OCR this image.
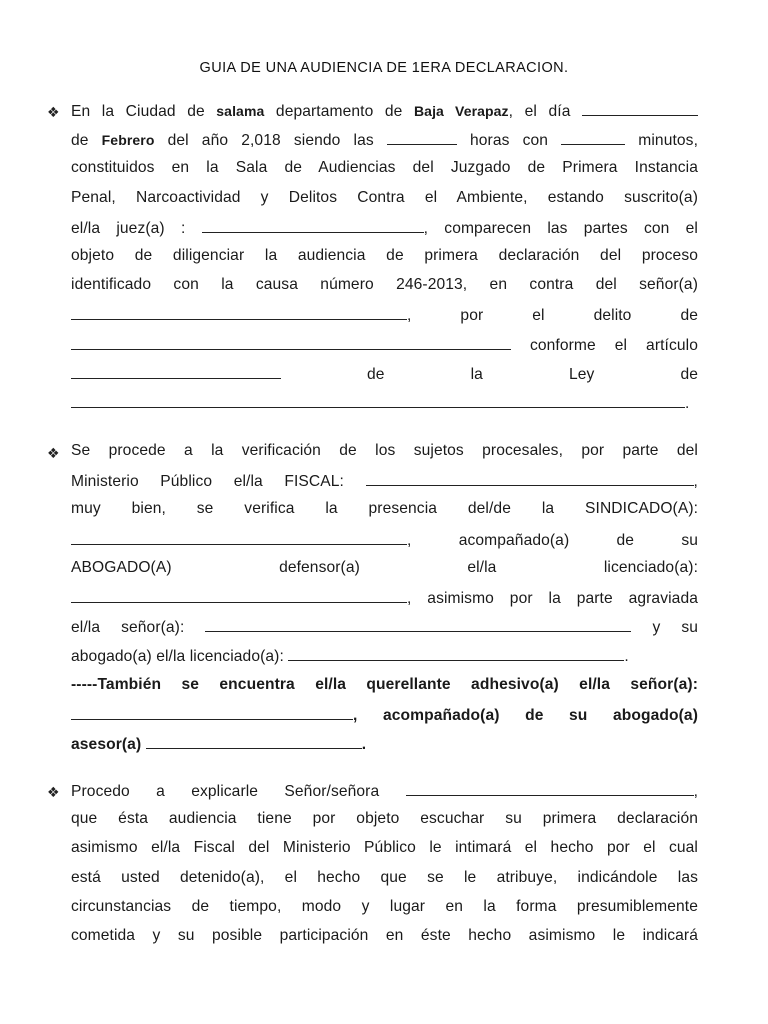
GUIA DE UNA AUDIENCIA DE 1ERA DECLARACION.
❖ En la Ciudad de salama departamento de Baja Verapaz, el día
de Febrero del año 2,018 siendo las	horas con	minutos,
constituidos en la Sala de Audiencias del Juzgado de Primera Instancia
Penal, Narcoactividad y Delitos Contra el Ambiente, estando suscrito(a)
el/la juez(a) :	, comparecen las partes con el
objeto de diligenciar la audiencia de primera declaración del proceso
identificado con la causa número 246-2013, en contra del señor(a)
,	por	el	delito	de
conforme el artículo
de	la	Ley	de
.
❖ Se procede a la verificación de los sujetos procesales, por parte del
Ministerio Público el/la FISCAL:	,
muy bien, se verifica la presencia del/de la SINDICADO(A):
,	acompañado(a)	de	su
ABOGADO(A)	defensor(a)	el/la	licenciado(a):
, asimismo por la parte agraviada
el/la señor(a):	y su
abogado(a) el/la licenciado(a):	.
-----También se encuentra el/la querellante adhesivo(a) el/la señor(a):
, acompañado(a) de su abogado(a)
asesor(a)	.
❖ Procedo a explicarle Señor/señora	,
que ésta audiencia tiene por objeto escuchar su primera declaración
asimismo el/la Fiscal del Ministerio Público le intimará el hecho por el cual
está usted detenido(a), el hecho que se le atribuye, indicándole las
circunstancias de tiempo, modo y lugar en la forma presumiblemente
cometida y su posible participación en éste hecho asimismo le indicará
